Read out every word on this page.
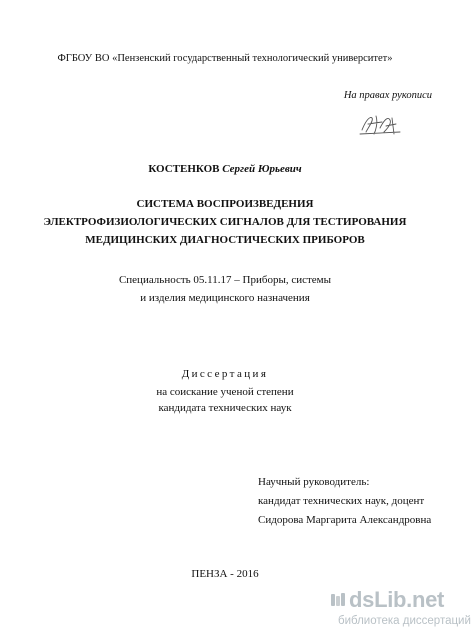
ФГБОУ ВО «Пензенский государственный технологический университет»
На правах рукописи
КОСТЕНКОВ Сергей Юрьевич
СИСТЕМА ВОСПРОИЗВЕДЕНИЯ
ЭЛЕКТРОФИЗИОЛОГИЧЕСКИХ СИГНАЛОВ ДЛЯ ТЕСТИРОВАНИЯ
МЕДИЦИНСКИХ ДИАГНОСТИЧЕСКИХ ПРИБОРОВ
Специальность 05.11.17 – Приборы, системы
и изделия медицинского назначения
Диссертация
на соискание ученой степени
кандидата технических наук
Научный руководитель:
кандидат технических наук, доцент
Сидорова Маргарита Александровна
ПЕНЗА - 2016
dsLib.net
библиотека диссертаций
